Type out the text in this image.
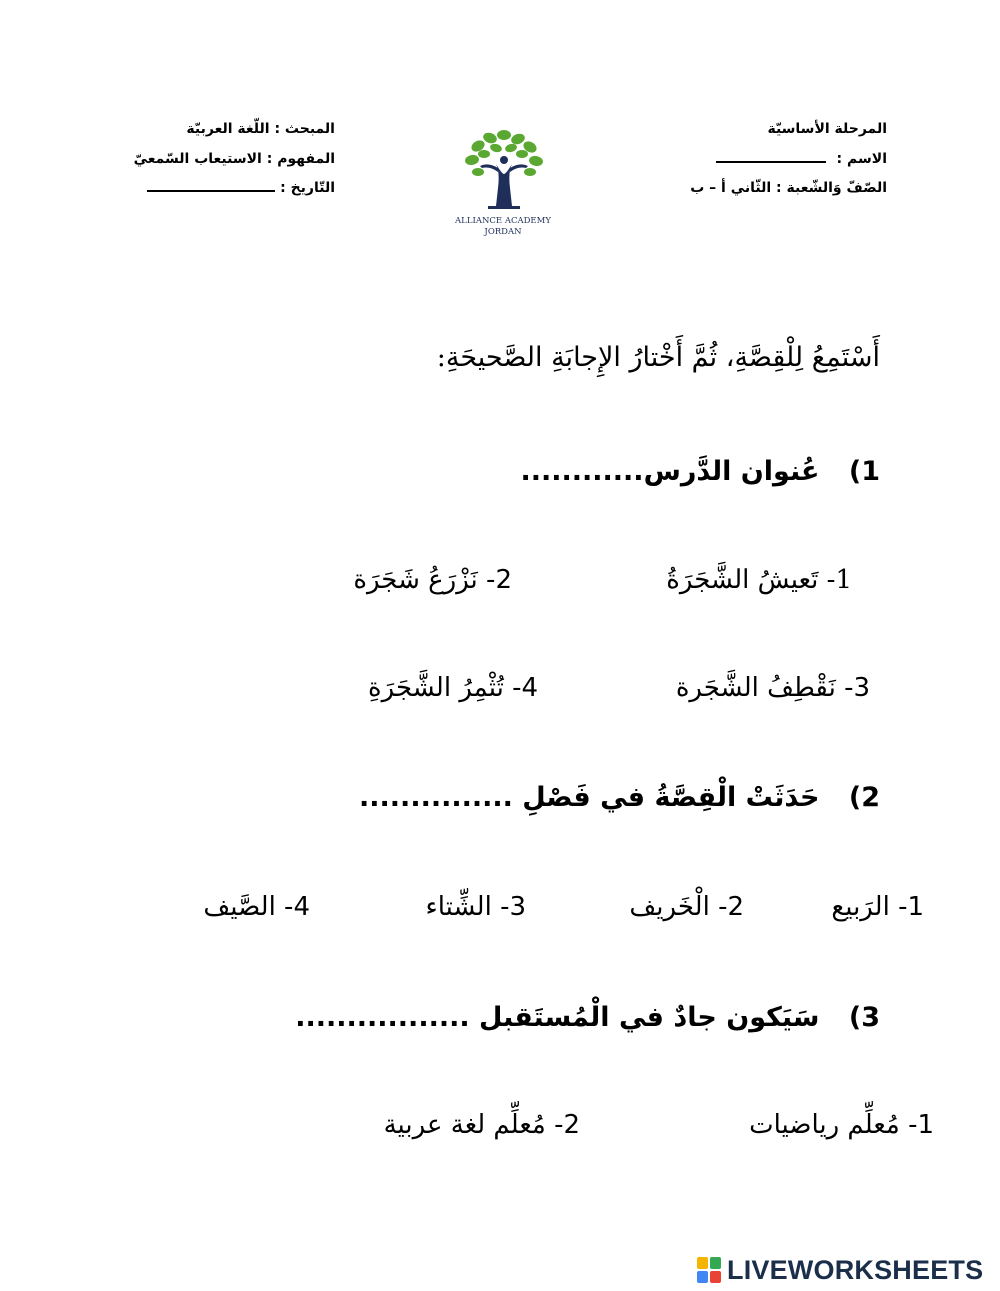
المرحلة الأساسيّة
الاسم :
الصّفّ وَالشّعبة : الثّاني أ – ب
المبحث : اللّغة العربيّة
المفهوم : الاستيعاب السّمعيّ
التّاريخ :
ALLIANCE ACADEMY
JORDAN
أَسْتَمِعُ لِلْقِصَّةِ، ثُمَّ أَخْتارُ الإِجابَةِ الصَّحيحَةِ:
1) عُنوان الدَّرس............
1- تَعيشُ الشَّجَرَةُ
2- نَزْرَعُ شَجَرَة
3- نَقْطِفُ الشَّجَرة
4- تُثْمِرُ الشَّجَرَةِ
2) حَدَثَتْ الْقِصَّةُ في فَصْلِ ...............
1- الرَبيع
2- الْخَريف
3- الشِّتاء
4- الصَّيف
3) سَيَكون جادٌ في الْمُستَقبل .................
1- مُعلِّم رياضيات
2- مُعلِّم لغة عربية
LIVEWORKSHEETS
